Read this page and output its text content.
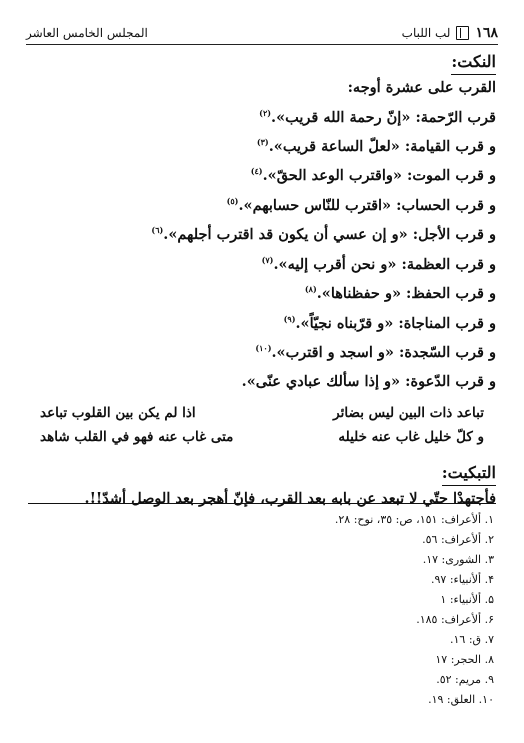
١٦٨
لب اللباب
المجلس الخامس العاشر
النكت:
القرب على عشرة أوجه:
قرب الرّحمة: «إنّ رحمة الله قريب».$^{(٢)}$
و قرب القيامة: «لعلّ الساعة قريب».$^{(٣)}$
و قرب الموت: «واقترب الوعد الحقّ».$^{(٤)}$
و قرب الحساب: «اقترب للنّاس حسابهم».$^{(٥)}$
و قرب الأجل: «و إن عسي أن يكون قد اقترب أجلهم».$^{(٦)}$
و قرب العظمة: «و نحن أقرب إليه».$^{(٧)}$
و قرب الحفظ: «و حفظناها».$^{(٨)}$
و قرب المناجاة: «و قرّبناه نجيّاً».$^{(٩)}$
و قرب السّجدة: «و اسجد و اقترب».$^{(١٠)}$
و قرب الدّعوة: «و إذا سألك عبادي عنّى».
تباعد ذات البين ليس بضائر
اذا لم يكن بين القلوب تباعد
و كلّ خليل غاب عنه خليله
متى غاب عنه فهو في القلب شاهد
التبكيت:
فأجتهدْا حتّي لا تبعد عن بابه بعد القرب، فإنّ أهجر بعد الوصل أشدّ!!.
١. ألأعراف: ١٥١، ص: ٣٥، نوح: ٢٨.
٢. ألأعراف: ٥٦.
٣. الشورى: ١٧.
۴. ألأنبياء: ٩٧.
۵. ألأنبياء: ١
۶. ألأعراف: ١٨٥.
٧. ق: ١٦.
٨. الحجر: ١٧
٩. مريم: ٥٢.
١٠. العلق: ١٩.
